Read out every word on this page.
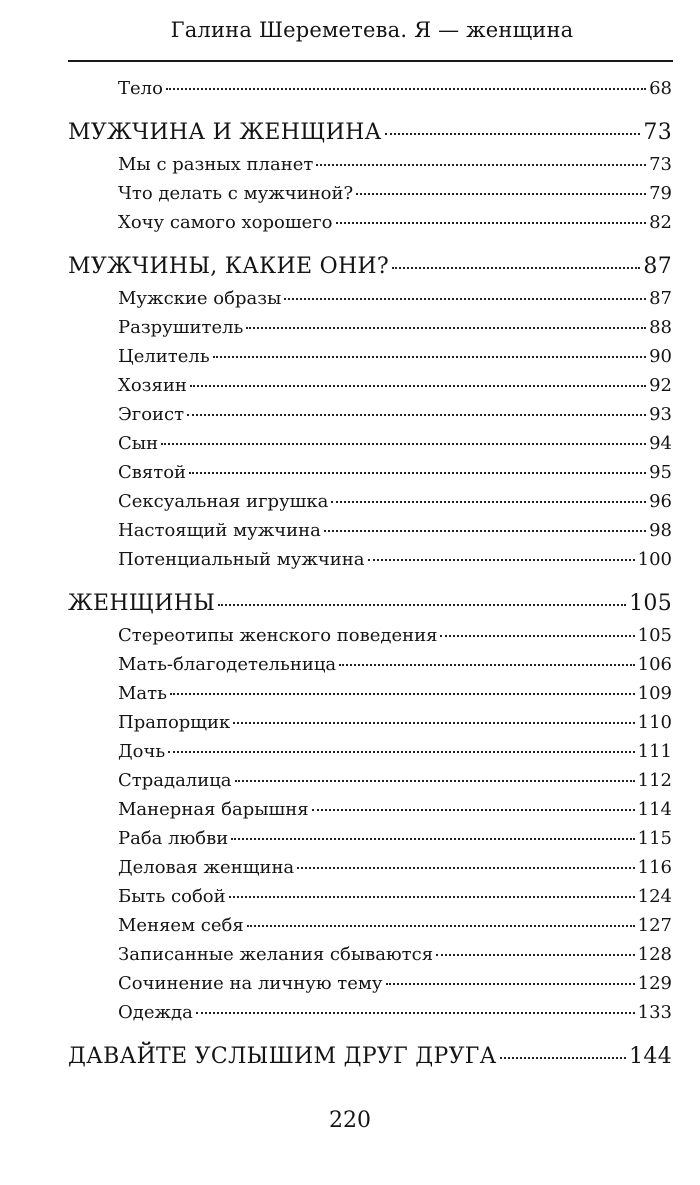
Галина Шереметева. Я — женщина
Тело	68
МУЖЧИНА И ЖЕНЩИНА	73
Мы с разных планет	73
Что делать с мужчиной?	79
Хочу самого хорошего	82
МУЖЧИНЫ, КАКИЕ ОНИ?	87
Мужские образы	87
Разрушитель	88
Целитель	90
Хозяин	92
Эгоист	93
Сын	94
Святой	95
Сексуальная игрушка	96
Настоящий мужчина	98
Потенциальный мужчина	100
ЖЕНЩИНЫ	105
Стереотипы женского поведения	105
Мать-благодетельница	106
Мать	109
Прапорщик	110
Дочь	111
Страдалица	112
Манерная барышня	114
Раба любви	115
Деловая женщина	116
Быть собой	124
Меняем себя	127
Записанные желания сбываются	128
Сочинение на личную тему	129
Одежда	133
ДАВАЙТЕ УСЛЫШИМ ДРУГ ДРУГА	144
220
